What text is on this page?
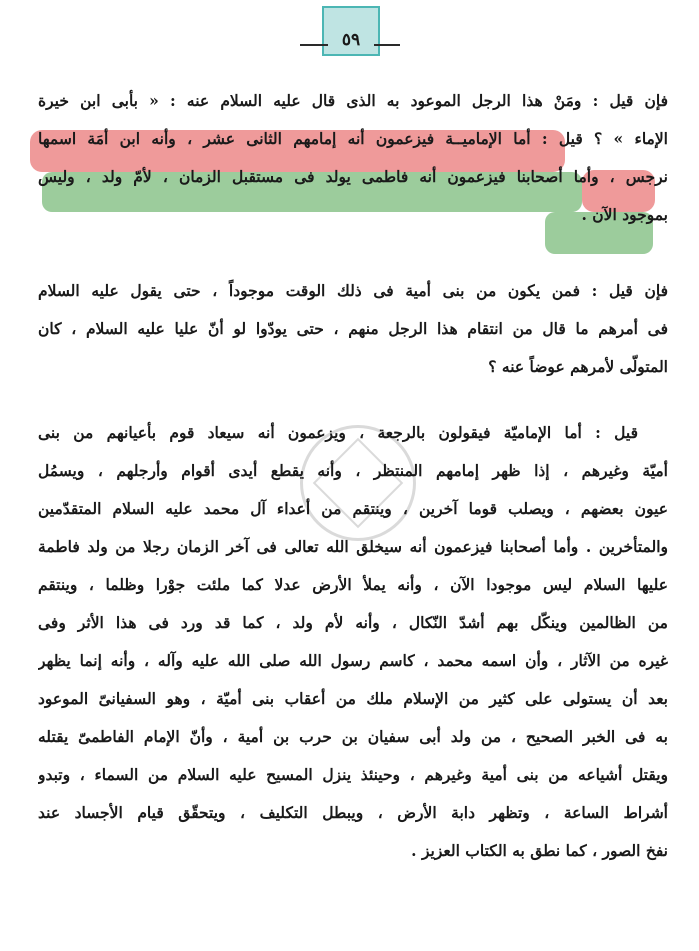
٥٩
فإن قيل : ومَنْ هذا الرجل الموعود به الذى قال عليه السلام عنه : « بأبى ابن خيرة
الإماء » ؟ قيل : أما الإماميــة فيزعمون أنه إمامهم الثانى عشر ، وأنه ابن أمَة اسمها
نرجس ، وأما أصحابنا فيزعمون أنه فاطمى يولد فى مستقبل الزمان ، لأمّ ولد ، وليس
بموجود الآن .
فإن قيل : فمن يكون من بنى أمية فى ذلك الوقت موجوداً ، حتى يقول عليه السلام
فى أمرهم ما قال من انتقام هذا الرجل منهم ، حتى يودّوا لو أنّ عليا عليه السلام ، كان
المتولّى لأمرهم عوضاً عنه ؟
قيل : أما الإماميّة فيقولون بالرجعة ، ويزعمون أنه سيعاد قوم بأعيانهم من بنى
أميّة وغيرهم ، إذا ظهر إمامهم المنتظر ، وأنه يقطع أيدى أقوام وأرجلهم ، ويسمُل
عيون بعضهم ، ويصلب قوما آخرين ، وينتقم من أعداء آل محمد عليه السلام المتقدّمين
والمتأخرين . وأما أصحابنا فيزعمون أنه سيخلق الله تعالى فى آخر الزمان رجلا من ولد فاطمة
عليها السلام ليس موجودا الآن ، وأنه يملأ الأرض عدلا كما ملئت جوْرا وظلما ، وينتقم
من الظالمين وينكّل بهم أشدّ النّكال ، وأنه لأم ولد ، كما قد ورد فى هذا الأثر وفى
غيره من الآثار ، وأن اسمه محمد ، كاسم رسول الله صلى الله عليه وآله ، وأنه إنما يظهر
بعد أن يستولى على كثير من الإسلام ملك من أعقاب بنى أميّة ، وهو السفيانىّ الموعود
به فى الخبر الصحيح ، من ولد أبى سفيان بن حرب بن أمية ، وأنّ الإمام الفاطمىّ يقتله
ويقتل أشياعه من بنى أمية وغيرهم ، وحينئذ ينزل المسيح عليه السلام من السماء ، وتبدو
أشراط الساعة ، وتظهر دابة الأرض ، ويبطل التكليف ، ويتحقّق قيام الأجساد عند
نفخ الصور ، كما نطق به الكتاب العزيز .
